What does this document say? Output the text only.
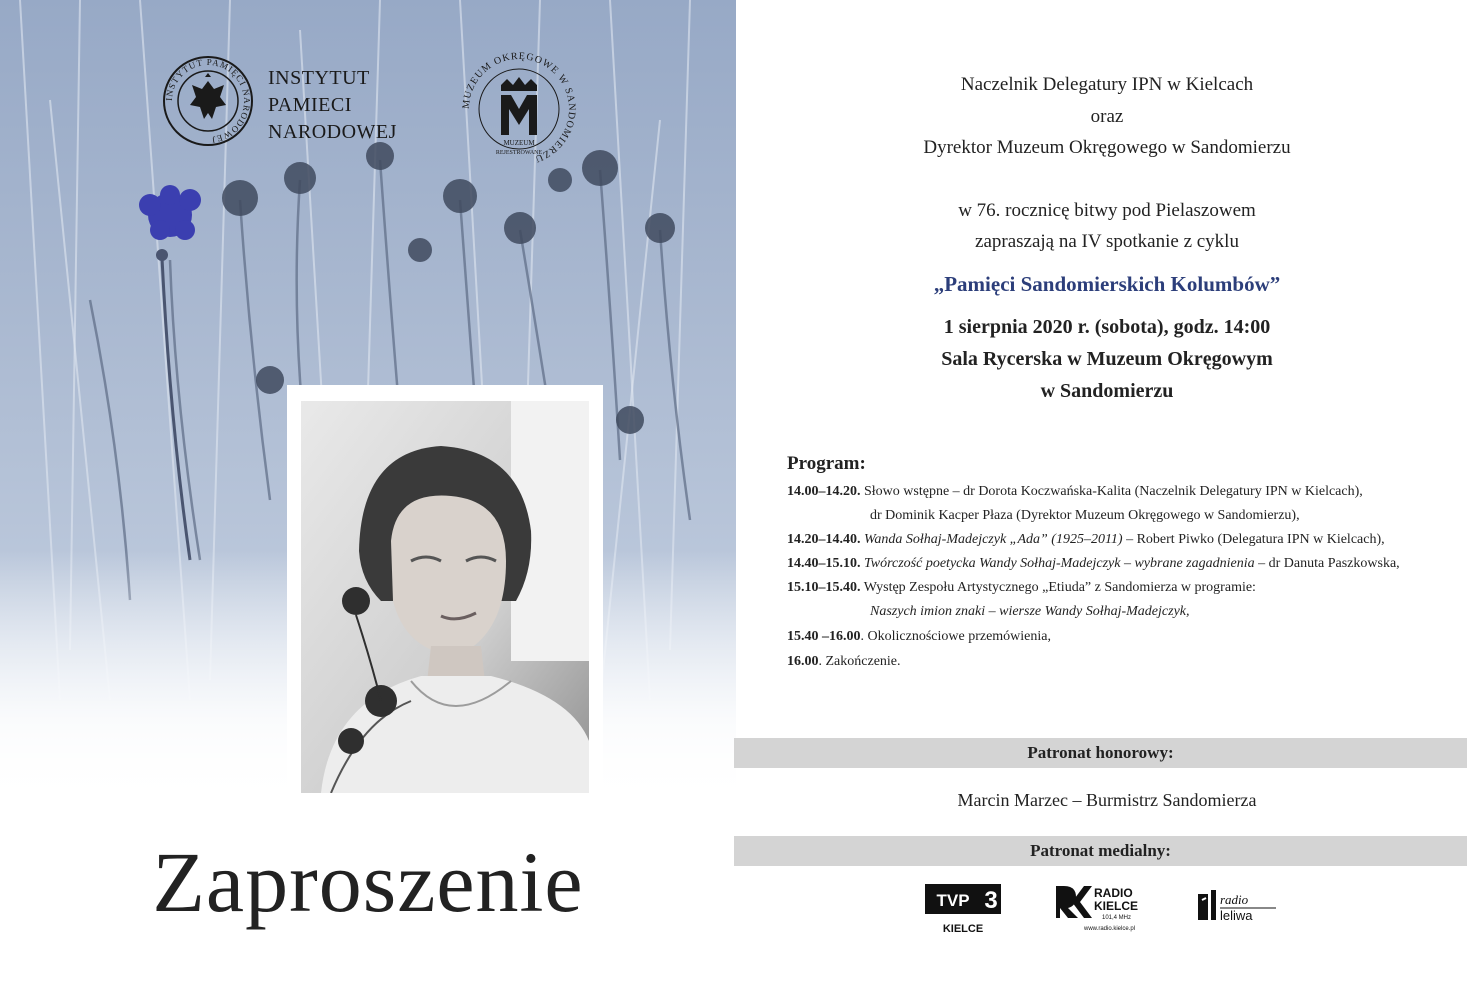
INSTYTUT PAMIĘCI NARODOWEJ
INSTYTUT
PAMIECI
NARODOWEJ	MUZEUM
REJESTROWANE
MUZEUM OKRĘGOWE W SANDOMIERZU
Zaproszenie
Naczelnik Delegatury IPN w Kielcach
oraz
Dyrektor Muzeum Okręgowego w Sandomierzu
w 76. rocznicę bitwy pod Pielaszowem
zapraszają na IV spotkanie z cyklu
„Pamięci Sandomierskich Kolumbów”
1 sierpnia 2020 r. (sobota), godz. 14:00
Sala Rycerska w Muzeum Okręgowym
w Sandomierzu
Program:
14.00–14.20. Słowo wstępne – dr Dorota Koczwańska-Kalita (Naczelnik Delegatury IPN w Kielcach),
dr Dominik Kacper Płaza (Dyrektor Muzeum Okręgowego w Sandomierzu),
14.20–14.40. Wanda Sołhaj-Madejczyk „Ada” (1925–2011) – Robert Piwko (Delegatura IPN w Kielcach),
14.40–15.10. Twórczość poetycka Wandy Sołhaj-Madejczyk – wybrane zagadnienia – dr Danuta Paszkowska,
15.10–15.40. Występ Zespołu Artystycznego „Etiuda” z Sandomierza w programie:
Naszych imion znaki – wiersze Wandy Sołhaj-Madejczyk,
15.40 –16.00. Okolicznościowe przemówienia,
16.00. Zakończenie.
Patronat honorowy:
Marcin Marzec – Burmistrz Sandomierza
Patronat medialny:
TVP 3
KIELCE
RADIO
KIELCE
101,4 MHz
www.radio.kielce.pl
radio
leliwa
